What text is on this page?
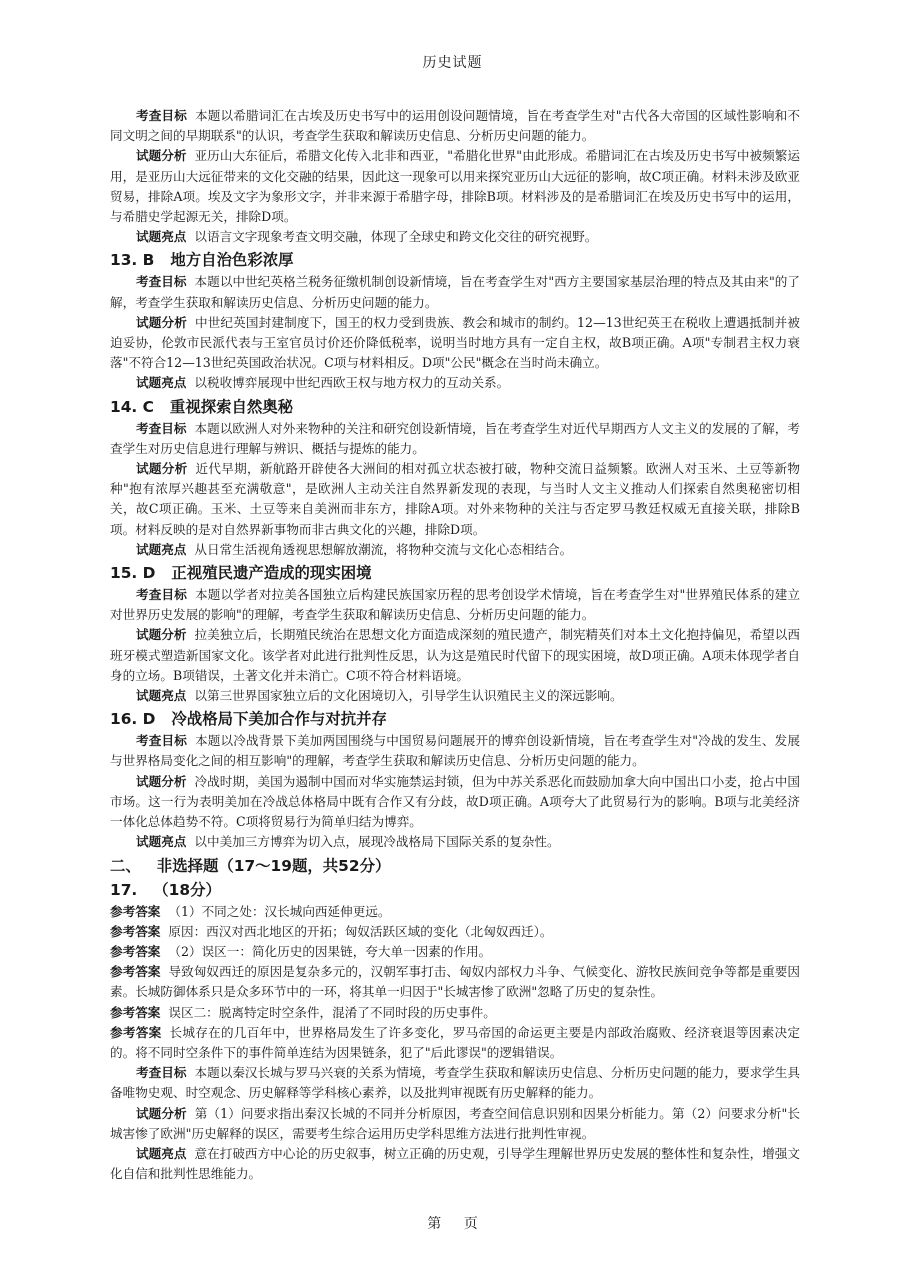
历史试题

考查目标 本题以希腊词汇在古埃及历史书写中的运用创设问题情境，旨在考查学生对"古代各大帝国的区域性影响和不同文明之间的早期联系"的认识，考查学生获取和解读历史信息、分析历史问题的能力。

试题分析 亚历山大东征后，希腊文化传入北非和西亚，"希腊化世界"由此形成。希腊词汇在古埃及历史书写中被频繁运用，是亚历山大远征带来的文化交融的结果，因此这一现象可以用来探究亚历山大远征的影响，故C项正确。材料未涉及欧亚贸易，排除A项。埃及文字为象形文字，并非来源于希腊字母，排除B项。材料涉及的是希腊词汇在埃及历史书写中的运用，与希腊史学起源无关，排除D项。

试题亮点 以语言文字现象考查文明交融，体现了全球史和跨文化交往的研究视野。

13. B 地方自治色彩浓厚

考查目标 本题以中世纪英格兰税务征缴机制创设新情境，旨在考查学生对"西方主要国家基层治理的特点及其由来"的了解，考查学生获取和解读历史信息、分析历史问题的能力。

试题分析 中世纪英国封建制度下，国王的权力受到贵族、教会和城市的制约。12—13世纪英王在税收上遭遇抵制并被迫妥协，伦敦市民派代表与王室官员讨价还价降低税率，说明当时地方具有一定自主权，故B项正确。A项"专制君主权力衰落"不符合12—13世纪英国政治状况。C项与材料相反。D项"公民"概念在当时尚未确立。

试题亮点 以税收博弈展现中世纪西欧王权与地方权力的互动关系。

14. C 重视探索自然奥秘

考查目标 本题以欧洲人对外来物种的关注和研究创设新情境，旨在考查学生对近代早期西方人文主义的发展的了解，考查学生对历史信息进行理解与辨识、概括与提炼的能力。

试题分析 近代早期，新航路开辟使各大洲间的相对孤立状态被打破，物种交流日益频繁。欧洲人对玉米、土豆等新物种"抱有浓厚兴趣甚至充满敬意"，是欧洲人主动关注自然界新发现的表现，与当时人文主义推动人们探索自然奥秘密切相关，故C项正确。玉米、土豆等来自美洲而非东方，排除A项。对外来物种的关注与否定罗马教廷权威无直接关联，排除B项。材料反映的是对自然界新事物而非古典文化的兴趣，排除D项。

试题亮点 从日常生活视角透视思想解放潮流，将物种交流与文化心态相结合。

15. D 正视殖民遗产造成的现实困境

考查目标 本题以学者对拉美各国独立后构建民族国家历程的思考创设学术情境，旨在考查学生对"世界殖民体系的建立对世界历史发展的影响"的理解，考查学生获取和解读历史信息、分析历史问题的能力。

试题分析 拉美独立后，长期殖民统治在思想文化方面造成深刻的殖民遗产，制宪精英们对本土文化抱持偏见，希望以西班牙模式塑造新国家文化。该学者对此进行批判性反思，认为这是殖民时代留下的现实困境，故D项正确。A项未体现学者自身的立场。B项错误，土著文化并未消亡。C项不符合材料语境。

试题亮点 以第三世界国家独立后的文化困境切入，引导学生认识殖民主义的深远影响。

16. D 冷战格局下美加合作与对抗并存

考查目标 本题以冷战背景下美加两国围绕与中国贸易问题展开的博弈创设新情境，旨在考查学生对"冷战的发生、发展与世界格局变化之间的相互影响"的理解，考查学生获取和解读历史信息、分析历史问题的能力。

试题分析 冷战时期，美国为遏制中国而对华实施禁运封锁，但为中苏关系恶化而鼓励加拿大向中国出口小麦，抢占中国市场。这一行为表明美加在冷战总体格局中既有合作又有分歧，故D项正确。A项夸大了此贸易行为的影响。B项与北美经济一体化总体趋势不符。C项将贸易行为简单归结为博弈。

试题亮点 以中美加三方博弈为切入点，展现冷战格局下国际关系的复杂性。

二、 非选择题（17～19题，共52分）
17. （18分）

参考答案 （1）不同之处：汉长城向西延伸更远。

参考答案 原因：西汉对西北地区的开拓；匈奴活跃区域的变化（北匈奴西迁）。

参考答案 （2）误区一：简化历史的因果链，夸大单一因素的作用。

参考答案 导致匈奴西迁的原因是复杂多元的，汉朝军事打击、匈奴内部权力斗争、气候变化、游牧民族间竞争等都是重要因素。长城防御体系只是众多环节中的一环，将其单一归因于"长城害惨了欧洲"忽略了历史的复杂性。

参考答案 误区二：脱离特定时空条件，混淆了不同时段的历史事件。

参考答案 长城存在的几百年中，世界格局发生了许多变化，罗马帝国的命运更主要是内部政治腐败、经济衰退等因素决定的。将不同时空条件下的事件简单连结为因果链条，犯了"后此谬误"的逻辑错误。

考查目标 本题以秦汉长城与罗马兴衰的关系为情境，考查学生获取和解读历史信息、分析历史问题的能力，要求学生具备唯物史观、时空观念、历史解释等学科核心素养，以及批判审视既有历史解释的能力。

试题分析 第（1）问要求指出秦汉长城的不同并分析原因，考查空间信息识别和因果分析能力。第（2）问要求分析"长城害惨了欧洲"历史解释的误区，需要考生综合运用历史学科思维方法进行批判性审视。

试题亮点 意在打破西方中心论的历史叙事，树立正确的历史观，引导学生理解世界历史发展的整体性和复杂性，增强文化自信和批判性思维能力。

第 页
